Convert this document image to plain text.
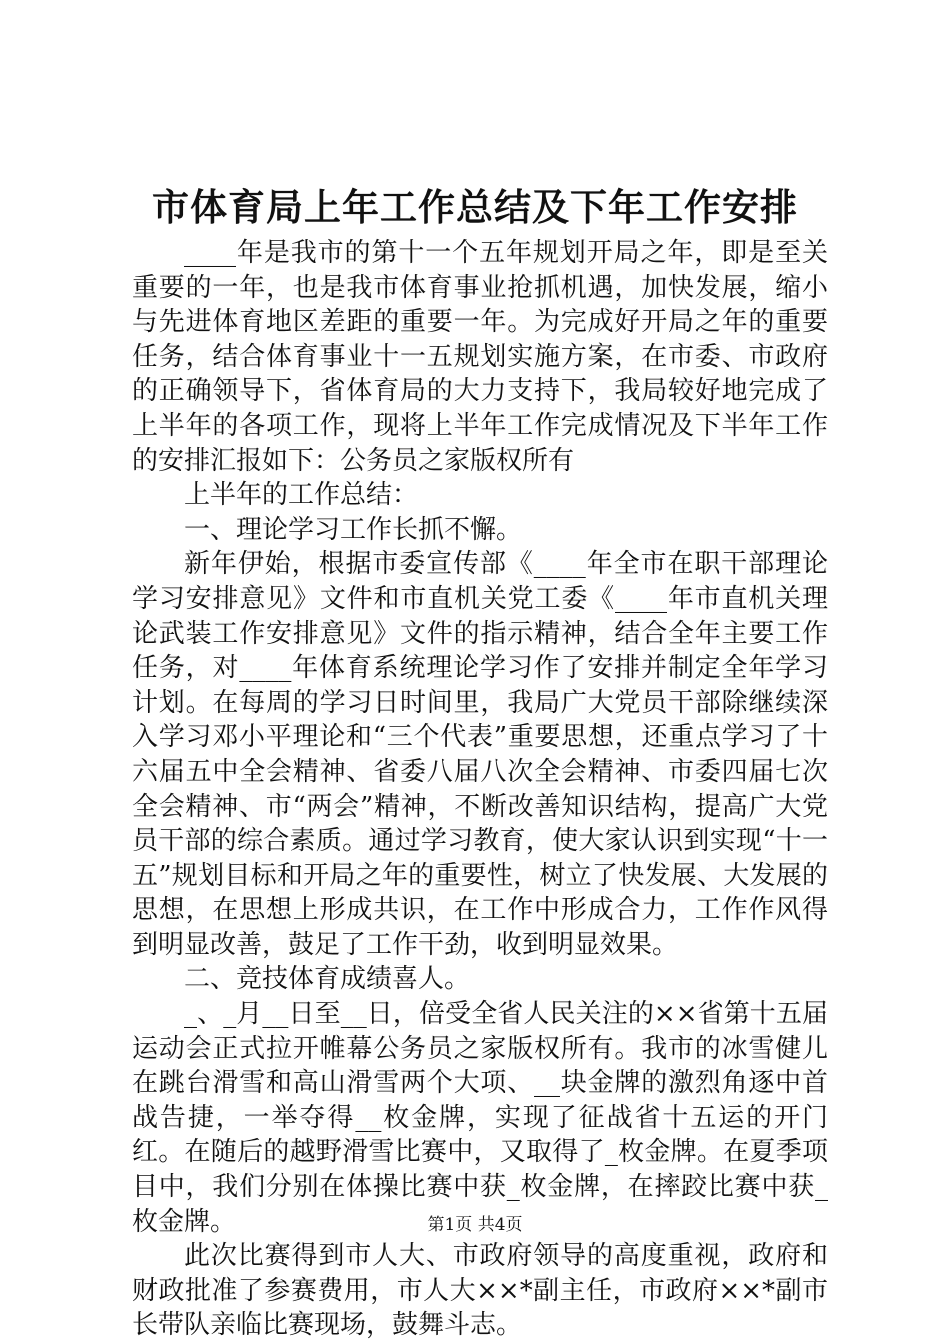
市体育局上年工作总结及下年工作安排

____年是我市的第十一个五年规划开局之年，即是至关重要的一年，也是我市体育事业抢抓机遇，加快发展，缩小与先进体育地区差距的重要一年。为完成好开局之年的重要任务，结合体育事业十一五规划实施方案，在市委、市政府的正确领导下，省体育局的大力支持下，我局较好地完成了上半年的各项工作，现将上半年工作完成情况及下半年工作的安排汇报如下：公务员之家版权所有

上半年的工作总结：

一、理论学习工作长抓不懈。

新年伊始，根据市委宣传部《____年全市在职干部理论学习安排意见》文件和市直机关党工委《____年市直机关理论武装工作安排意见》文件的指示精神，结合全年主要工作任务，对____年体育系统理论学习作了安排并制定全年学习计划。在每周的学习日时间里，我局广大党员干部除继续深入学习邓小平理论和“三个代表”重要思想，还重点学习了十六届五中全会精神、省委八届八次全会精神、市委四届七次全会精神、市“两会”精神，不断改善知识结构，提高广大党员干部的综合素质。通过学习教育，使大家认识到实现“十一五”规划目标和开局之年的重要性，树立了快发展、大发展的思想，在思想上形成共识，在工作中形成合力，工作作风得到明显改善，鼓足了工作干劲，收到明显效果。

二、竞技体育成绩喜人。

_、_月__日至__日，倍受全省人民关注的××省第十五届运动会正式拉开帷幕公务员之家版权所有。我市的冰雪健儿在跳台滑雪和高山滑雪两个大项、__块金牌的激烈角逐中首战告捷，一举夺得__枚金牌，实现了征战省十五运的开门红。在随后的越野滑雪比赛中，又取得了_枚金牌。在夏季项目中，我们分别在体操比赛中获_枚金牌，在摔跤比赛中获_枚金牌。

此次比赛得到市人大、市政府领导的高度重视，政府和财政批准了参赛费用，市人大××*副主任，市政府××*副市长带队亲临比赛现场，鼓舞斗志。

第1页 共4页
